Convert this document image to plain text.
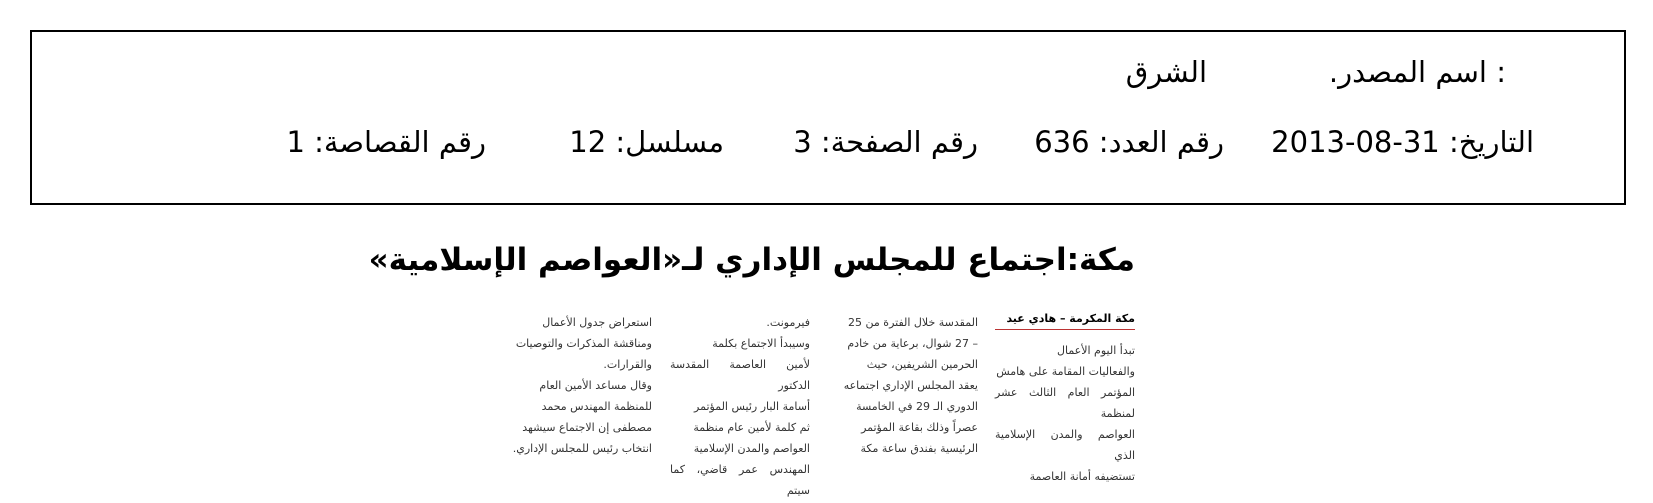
.اسم المصدر :
الشرق
التاريخ: 31-08-2013
رقم العدد: 636
رقم الصفحة: 3
مسلسل: 12
رقم القصاصة: 1
مكة:اجتماع للمجلس الإداري لـ«العواصم الإسلامية»
مكة المكرمة – هادي عيد

تبدأ اليوم الأعمال

والفعاليات المقامة على هامش

المؤتمر العام الثالث عشر لمنظمة

العواصم والمدن الإسلامية الذي

تستضيفه أمانة العاصمة

المقدسة خلال الفترة من 25

– 27 شوال، برعاية من خادم

الحرمين الشريفين، حيث

يعقد المجلس الإداري اجتماعه

الدوري الـ 29 في الخامسة

عصراً وذلك بقاعة المؤتمر

الرئيسية بفندق ساعة مكة

فيرمونت.

وسيبدأ الاجتماع بكلمة

لأمين العاصمة المقدسة الدكتور

أسامة البار رئيس المؤتمر

ثم كلمة لأمين عام منظمة

العواصم والمدن الإسلامية

المهندس عمر قاضي، كما سيتم

استعراض جدول الأعمال

ومناقشة المذكرات والتوصيات

والقرارات.

وقال مساعد الأمين العام

للمنظمة المهندس محمد

مصطفى إن الاجتماع سيشهد

انتخاب رئيس للمجلس الإداري.
